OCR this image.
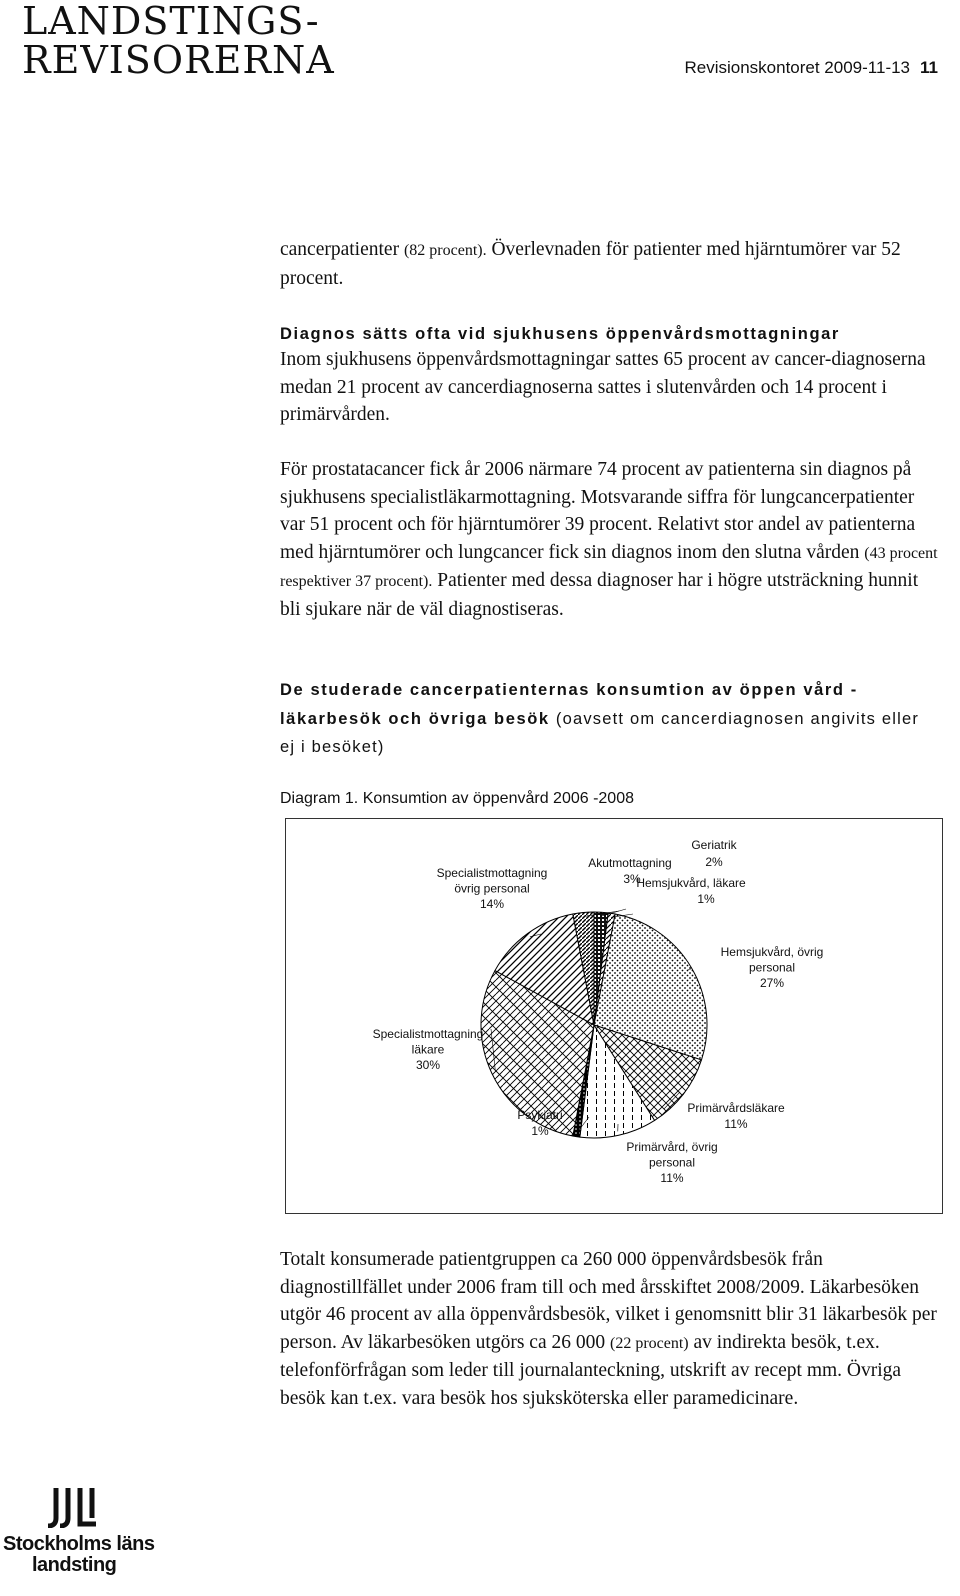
LANDSTINGS-
REVISORERNA	Revisionskontoret 2009-11-13 11

cancerpatienter (82 procent). Överlevnaden för patienter med hjärntumörer var 52 procent.

Diagnos sätts ofta vid sjukhusens öppenvårdsmottagningar

Inom sjukhusens öppenvårdsmottagningar sattes 65 procent av cancer-diagnoserna medan 21 procent av cancerdiagnoserna sattes i slutenvården och 14 procent i primärvården.

För prostatacancer fick år 2006 närmare 74 procent av patienterna sin diagnos på sjukhusens specialistläkarmottagning. Motsvarande siffra för lungcancerpatienter var 51 procent och för hjärntumörer 39 procent. Relativt stor andel av patienterna med hjärntumörer och lungcancer fick sin diagnos inom den slutna vården (43 procent respektiver 37 procent). Patienter med dessa diagnoser har i högre utsträckning hunnit bli sjukare när de väl diagnostiseras.

De studerade cancerpatienternas konsumtion av öppen vård - läkarbesök och övriga besök (oavsett om cancerdiagnosen angivits eller ej i besöket)
Diagram 1. Konsumtion av öppenvård 2006 -2008
Geriatrik
2%
Hemsjukvård, läkare
1%
Hemsjukvård, övrig
personal
27%
Primärvårdsläkare
11%
Primärvård, övrig
personal
11%
Psykiatri
1%
Specialistmottagning
läkare
30%
Specialistmottagning
övrig personal
14%
Akutmottagning
3%

Totalt konsumerade patientgruppen ca 260 000 öppenvårdsbesök från diagnostillfället under 2006 fram till och med årsskiftet 2008/2009. Läkarbesöken utgör 46 procent av alla öppenvårdsbesök, vilket i genomsnitt blir 31 läkarbesök per person. Av läkarbesöken utgörs ca 26 000 (22 procent) av indirekta besök, t.ex. telefonförfrågan som leder till journalanteckning, utskrift av recept mm. Övriga besök kan t.ex. vara besök hos sjuksköterska eller paramedicinare.

Stockholms läns
landsting
